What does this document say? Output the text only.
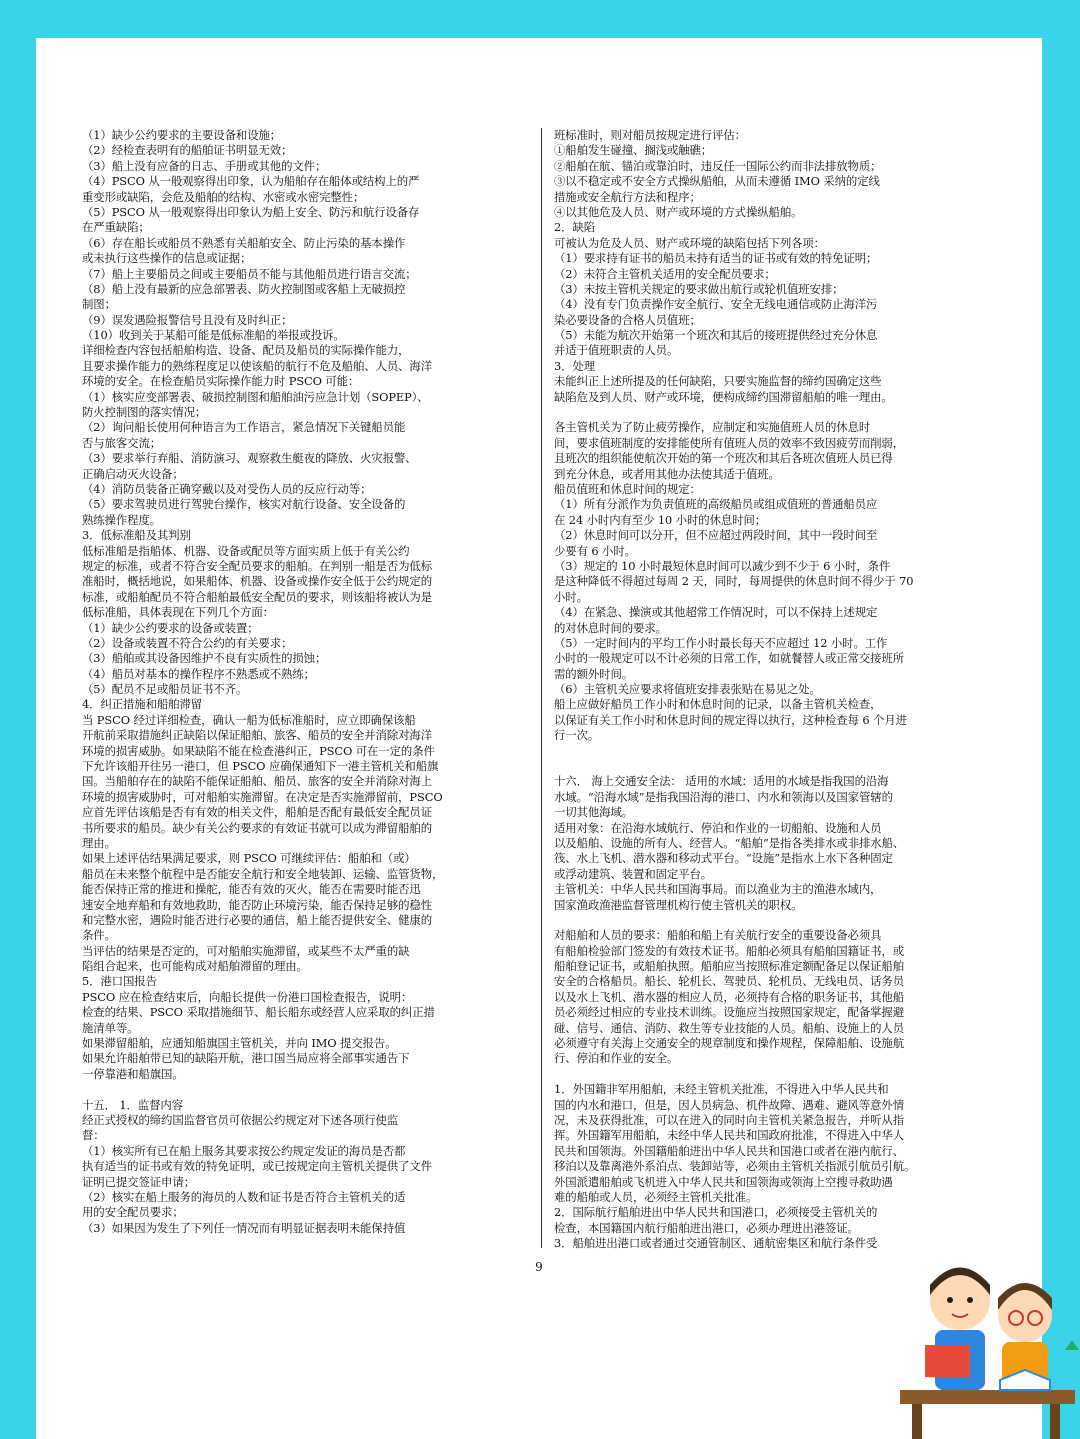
（1）缺少公约要求的主要设备和设施；
（2）经检查表明有的船舶证书明显无效；
（3）船上没有应备的日志、手册或其他的文件；
（4）PSCO 从一般观察得出印象，认为船舶存在船体或结构上的严
重变形或缺陷，会危及船舶的结构、水密或水密完整性；
（5）PSCO 从一般观察得出印象认为船上安全、防污和航行设备存
在严重缺陷；
（6）存在船长或船员不熟悉有关船舶安全、防止污染的基本操作
或未执行这些操作的信息或证据；
（7）船上主要船员之间或主要船员不能与其他船员进行语言交流；
（8）船上没有最新的应急部署表、防火控制图或客船上无破损控
制图；
（9）误发遇险报警信号且没有及时纠正；
（10）收到关于某船可能是低标准船的举报或投诉。
详细检查内容包括船舶构造、设备、配员及船员的实际操作能力，
且要求操作能力的熟练程度足以使该船的航行不危及船舶、人员、海洋
环境的安全。在检查船员实际操作能力时 PSCO 可能：
（1）核实应变部署表、破损控制图和船舶油污应急计划（SOPEP）、
防火控制图的落实情况；
（2）询问船长使用何种语言为工作语言，紧急情况下关键船员能
否与旅客交流；
（3）要求举行弃船、消防演习、观察救生艇夜的降放、火灾报警、
正确启动灭火设备；
（4）消防员装备正确穿戴以及对受伤人员的反应行动等；
（5）要求驾驶员进行驾驶台操作，核实对航行设备、安全设备的
熟练操作程度。
3．低标准船及其判别
低标准船是指船体、机器、设备或配员等方面实质上低于有关公约
规定的标准，或者不符合安全配员要求的船舶。在判别一船是否为低标
准船时，概括地说，如果船体、机器、设备或操作安全低于公约规定的
标准，或船舶配员不符合船舶最低安全配员的要求，则该船将被认为是
低标准船，具体表现在下列几个方面：
（1）缺少公约要求的设备或装置；
（2）设备或装置不符合公约的有关要求；
（3）船舶或其设备因维护不良有实质性的损蚀；
（4）船员对基本的操作程序不熟悉或不熟练；
（5）配员不足或船员证书不齐。
4．纠正措施和船舶滞留
当 PSCO 经过详细检查，确认一船为低标准船时，应立即确保该船
开航前采取措施纠正缺陷以保证船舶、旅客、船员的安全并消除对海洋
环境的损害威胁。如果缺陷不能在检查港纠正，PSCO 可在一定的条件
下允许该船开往另一港口，但 PSCO 应确保通知下一港主管机关和船旗
国。当船舶存在的缺陷不能保证船舶、船员、旅客的安全并消除对海上
环境的损害威胁时，可对船舶实施滞留。在决定是否实施滞留前，PSCO
应首先评估该船是否有有效的相关文件，船舶是否配有最低安全配员证
书所要求的船员。缺少有关公约要求的有效证书就可以成为滞留船舶的
理由。
如果上述评估结果满足要求，则 PSCO 可继续评估：船舶和（或）
船员在未来整个航程中是否能安全航行和安全地装卸、运输、监管货物，
能否保持正常的推进和操舵，能否有效的灭火，能否在需要时能否迅
速安全地弃船和有效地救助，能否防止环境污染，能否保持足够的稳性
和完整水密，遇险时能否进行必要的通信，船上能否提供安全、健康的
条件。
当评估的结果是否定的，可对船舶实施滞留，或某些不太严重的缺
陷组合起来，也可能构成对船舶滞留的理由。
5．港口国报告
PSCO 应在检查结束后，向船长提供一份港口国检查报告，说明：
检查的结果、PSCO 采取措施细节、船长船东或经营人应采取的纠正措
施清单等。
如果滞留船舶，应通知船旗国主管机关，并向 IMO 提交报告。
如果允许船舶带已知的缺陷开航，港口国当局应将全部事实通告下
一停靠港和船旗国。
十五． 1．监督内容
经正式授权的缔约国监督官员可依据公约规定对下述各项行使监
督：
（1）核实所有已在船上服务其要求按公约规定发证的海员是否都
执有适当的证书或有效的特免证明，或已按规定向主管机关提供了文件
证明已提交签证申请；
（2）核实在船上服务的海员的人数和证书是否符合主管机关的适
用的安全配员要求；
（3）如果因为发生了下列任一情况而有明显证据表明未能保持值
班标准时，则对船员按规定进行评估：
①船舶发生碰撞、搁浅或触礁；
②船舶在航、锚泊或靠泊时，违反任一国际公约而非法排放物质；
③以不稳定或不安全方式操纵船舶，从而未遵循 IMO 采纳的定线
措施或安全航行方法和程序；
④以其他危及人员、财产或环境的方式操纵船舶。
2．缺陷
可被认为危及人员、财产或环境的缺陷包括下列各项：
（1）要求持有证书的船员未持有适当的证书或有效的特免证明；
（2）未符合主管机关适用的安全配员要求；
（3）未按主管机关规定的要求做出航行或轮机值班安排；
（4）没有专门负责操作安全航行、安全无线电通信或防止海洋污
染必要设备的合格人员值班；
（5）未能为航次开始第一个班次和其后的接班提供经过充分休息
并适于值班职责的人员。
3．处理
未能纠正上述所提及的任何缺陷，只要实施监督的缔约国确定这些
缺陷危及到人员、财产或环境，便构成缔约国滞留船舶的唯一理由。
各主管机关为了防止疲劳操作，应制定和实施值班人员的休息时
间，要求值班制度的安排能使所有值班人员的效率不致因疲劳而削弱，
且班次的组织能使航次开始的第一个班次和其后各班次值班人员已得
到充分休息，或者用其他办法使其适于值班。
船员值班和休息时间的规定：
（1）所有分派作为负责值班的高级船员或组成值班的普通船员应
在 24 小时内有至少 10 小时的休息时间；
（2）休息时间可以分开，但不应超过两段时间，其中一段时间至
少要有 6 小时。
（3）规定的 10 小时最短休息时间可以减少到不少于 6 小时，条件
是这种降低不得超过每周 2 天，同时，每周提供的休息时间不得少于 70
小时。
（4）在紧急、操演或其他超常工作情况时，可以不保持上述规定
的对休息时间的要求。
（5）一定时间内的平均工作小时最长每天不应超过 12 小时。工作
小时的一般规定可以不计必须的日常工作，如就餐替人或正常交接班所
需的额外时间。
（6）主管机关应要求将值班安排表张贴在易见之处。
船上应做好船员工作小时和休息时间的记录，以备主管机关检查，
以保证有关工作小时和休息时间的规定得以执行，这种检查每 6 个月进
行一次。
十六． 海上交通安全法： 适用的水域：适用的水域是指我国的沿海
水域。“沿海水域”是指我国沿海的港口、内水和领海以及国家管辖的
一切其他海域。
适用对象：在沿海水域航行、停泊和作业的一切船舶、设施和人员
以及船舶、设施的所有人、经营人。“船舶”是指各类排水或非排水船、
筏、水上飞机、潜水器和移动式平台。“设施”是指水上水下各种固定
或浮动建筑、装置和固定平台。
主管机关：中华人民共和国海事局。而以渔业为主的渔港水域内，
国家渔政渔港监督管理机构行使主管机关的职权。
对船舶和人员的要求：船舶和船上有关航行安全的重要设备必须具
有船舶检验部门签发的有效技术证书。船舶必须具有船舶国籍证书，或
船舶登记证书，或船舶执照。船舶应当按照标准定额配备足以保证船舶
安全的合格船员。船长、轮机长、驾驶员、轮机员、无线电员、话务员
以及水上飞机、潜水器的相应人员，必须持有合格的职务证书，其他船
员必须经过相应的专业技术训练。设施应当按照国家规定，配备掌握避
碰、信号、通信、消防、救生等专业技能的人员。船舶、设施上的人员
必须遵守有关海上交通安全的规章制度和操作规程，保障船舶、设施航
行、停泊和作业的安全。
1．外国籍非军用船舶，未经主管机关批准，不得进入中华人民共和
国的内水和港口，但是，因人员病急、机件故障、遇难、避风等意外情
况，未及获得批准，可以在进入的同时向主管机关紧急报告，并听从指
挥。外国籍军用船舶，未经中华人民共和国政府批准，不得进入中华人
民共和国领海。外国籍船舶进出中华人民共和国港口或者在港内航行、
移泊以及靠离港外系泊点、装卸站等，必须由主管机关指派引航员引航。
外国派遣船舶或飞机进入中华人民共和国领海或领海上空搜寻救助遇
难的船舶或人员，必须经主管机关批准。
2．国际航行船舶进出中华人民共和国港口，必须接受主管机关的
检查，本国籍国内航行船舶进出港口，必须办理进出港签证。
3．船舶进出港口或者通过交通管制区、通航密集区和航行条件受
9
